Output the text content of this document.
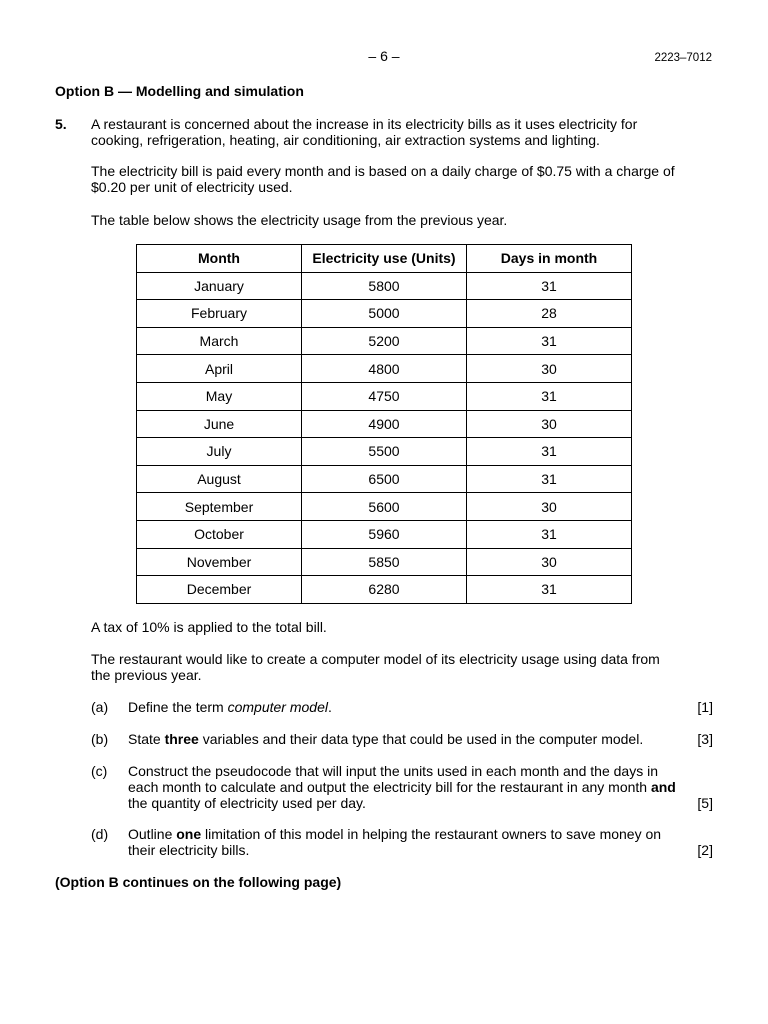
– 6 –	2223–7012
Option B — Modelling and simulation
5. A restaurant is concerned about the increase in its electricity bills as it uses electricity for cooking, refrigeration, heating, air conditioning, air extraction systems and lighting.
The electricity bill is paid every month and is based on a daily charge of $0.75 with a charge of $0.20 per unit of electricity used.
The table below shows the electricity usage from the previous year.
Month	Electricity use (Units)	Days in month
January	5800	31
February	5000	28
March	5200	31
April	4800	30
May	4750	31
June	4900	30
July	5500	31
August	6500	31
September	5600	30
October	5960	31
November	5850	30
December	6280	31
A tax of 10% is applied to the total bill.
The restaurant would like to create a computer model of its electricity usage using data from the previous year.
(a) Define the term computer model.	[1]
(b) State three variables and their data type that could be used in the computer model.	[3]
(c) Construct the pseudocode that will input the units used in each month and the days in each month to calculate and output the electricity bill for the restaurant in any month and the quantity of electricity used per day.	[5]
(d) Outline one limitation of this model in helping the restaurant owners to save money on their electricity bills.	[2]
(Option B continues on the following page)
